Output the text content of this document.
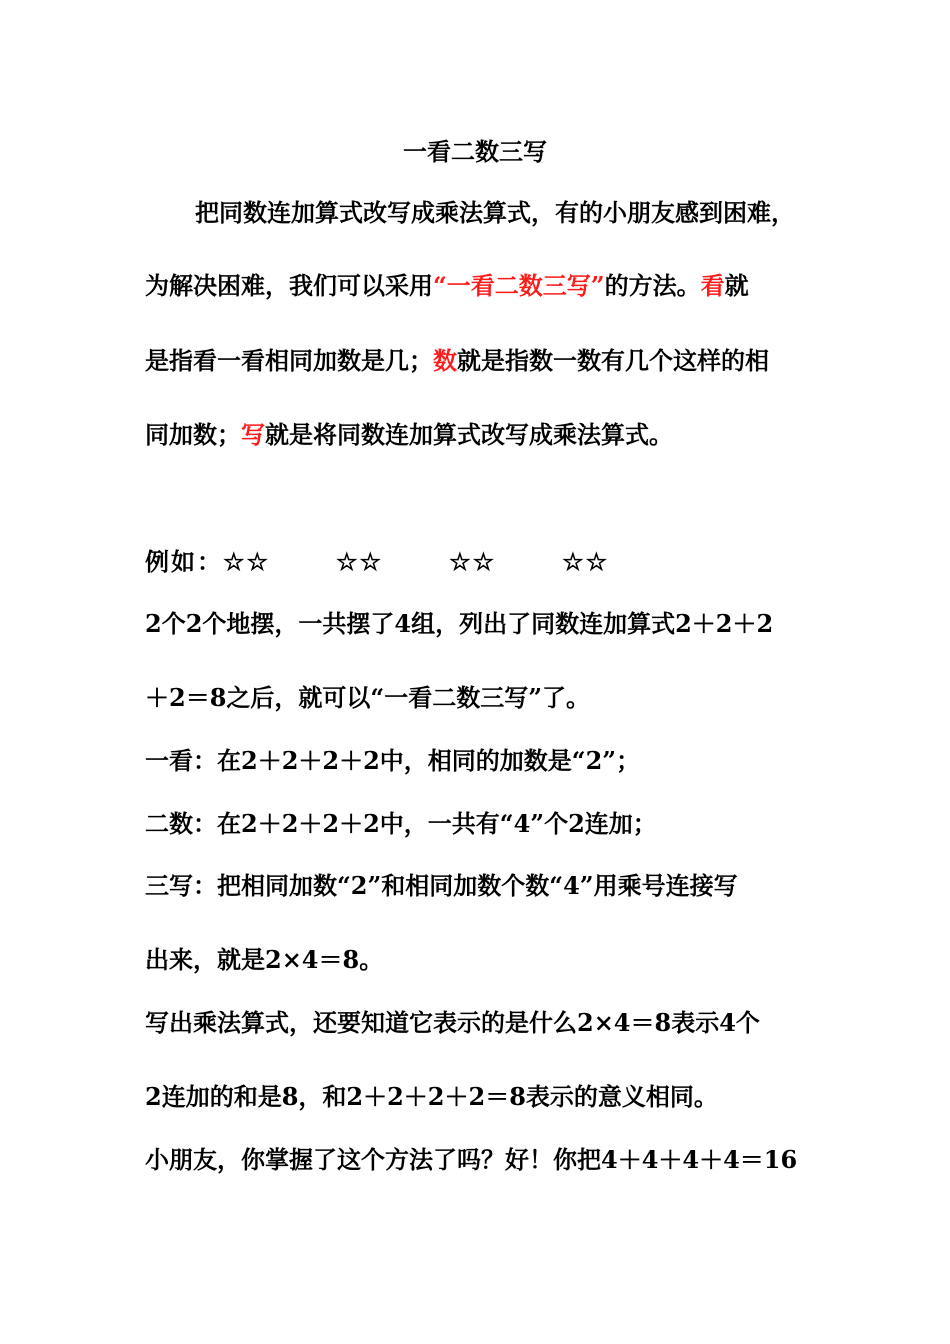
一看二数三写
把同数连加算式改写成乘法算式，有的小朋友感到困难，
为解决困难，我们可以采用“一看二数三写”的方法。看就
是指看一看相同加数是几；数就是指数一数有几个这样的相
同加数；写就是将同数连加算式改写成乘法算式。
例如：☆☆	☆☆	☆☆	☆☆
2个2个地摆，一共摆了4组，列出了同数连加算式2＋2＋2
＋2＝8之后，就可以“一看二数三写”了。
一看：在2＋2＋2＋2中，相同的加数是“2”；
二数：在2＋2＋2＋2中，一共有“4”个2连加；
三写：把相同加数“2”和相同加数个数“4”用乘号连接写
出来，就是2×4＝8。
写出乘法算式，还要知道它表示的是什么2×4＝8表示4个
2连加的和是8，和2＋2＋2＋2＝8表示的意义相同。
小朋友，你掌握了这个方法了吗？好！你把4＋4＋4＋4＝16
